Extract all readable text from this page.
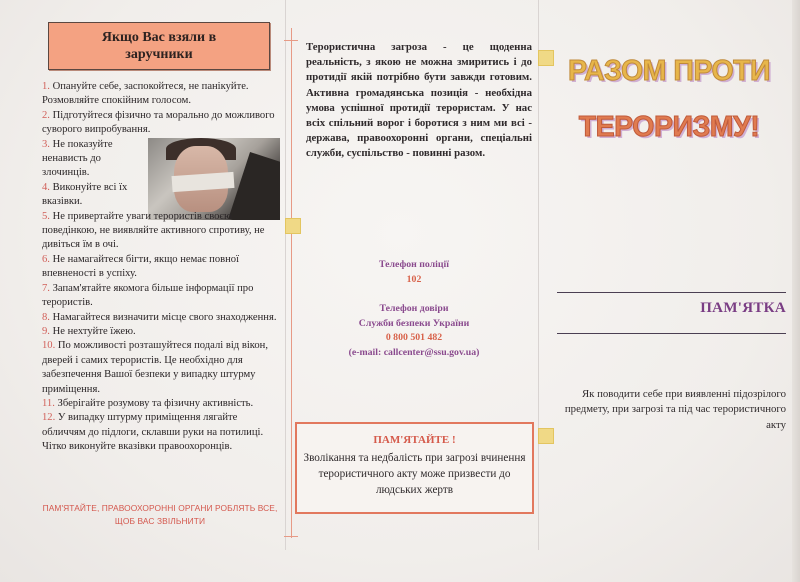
Якщо Вас взяли в заручники

1. Опануйте себе, заспокойтеся, не панікуйте. Розмовляйте спокійним голосом.

2. Підготуйтеся фізично та морально до можливого суворого випробування.

3. Не показуйте ненависть до злочинців.

4. Виконуйте всі їх вказівки.

5. Не привертайте уваги терористів своєю поведінкою, не виявляйте активного спротиву, не дивіться їм в очі.

6. Не намагайтеся бігти, якщо немає повної впевненості в успіху.

7. Запам'ятайте якомога більше інформації про терористів.

8. Намагайтеся визначити місце свого знаходження.

9. Не нехтуйте їжею.

10. По можливості розташуйтеся подалі від вікон, дверей і самих терористів. Це необхідно для забезпечення Вашої безпеки у випадку штурму приміщення.

11. Зберігайте розумову та фізичну активність.

12. У випадку штурму приміщення лягайте обличчям до підлоги, склавши руки на потилиці. Чітко виконуйте вказівки правоохоронців.

ПАМ'ЯТАЙТЕ, ПРАВООХОРОННІ ОРГАНИ РОБЛЯТЬ ВСЕ, ЩОБ ВАС ЗВІЛЬНИТИ
Терористична загроза - це щоденна реальність, з якою не можна змиритись і до протидії якій потрібно бути завжди готовим. Активна громадянська позиція - необхідна умова успішної протидії терористам. У нас всіх спільний ворог і боротися з ним ми всі - держава, правоохоронні органи, спеціальні служби, суспільство - повинні разом.
Телефон поліції
102
Телефон довіри
Служби безпеки України
0 800 501 482
(e-mail: callcenter@ssu.gov.ua)
ПАМ'ЯТАЙТЕ !
Зволікання та недбалість при загрозі вчинення терористичного акту може призвести до людських жертв
РАЗОМ ПРОТИ
ТЕРОРИЗМУ!
ПАМ'ЯТКА
Як поводити себе при виявленні підозрілого предмету, при загрозі та під час терористичного акту
